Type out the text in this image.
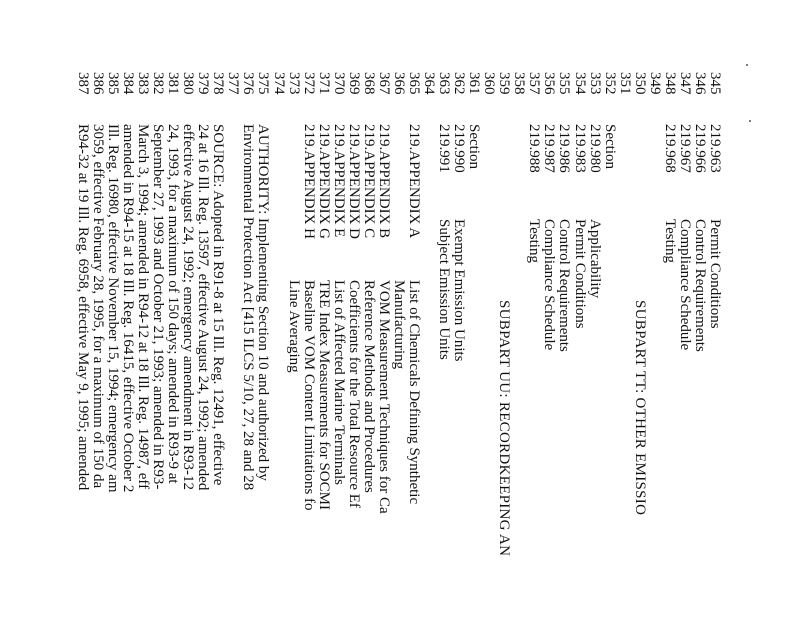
345
219.963
Permit Conditions
346
219.966
Control Requirements
347
219.967
Compliance Schedule
348
219.968
Testing
349
350
SUBPART TT: OTHER EMISSIO
351
352
Section
353
219.980
Applicability
354
219.983
Permit Conditions
355
219.986
Control Requirements
356
219.987
Compliance Schedule
357
219.988
Testing
358
359
SUBPART UU: RECORDKEEPING AN
360
361
Section
362
219.990
Exempt Emission Units
363
219.991
Subject Emission Units
364
365
219.APPENDIX A
List of Chemicals Defining Synthetic
366
Manufacturing
367
219.APPENDIX B
VOM Measurement Techniques for Ca
368
219.APPENDIX C
Reference Methods and Procedures
369
219.APPENDIX D
Coefficients for the Total Resource Ef
370
219.APPENDIX E
List of Affected Marine Terminals
371
219.APPENDIX G
TRE Index Measurements for SOCMI
372
219.APPENDIX H
Baseline VOM Content Limitations fo
373
Line Averaging
374
375
AUTHORITY: Implementing Section 10 and authorized by
376
Environmental Protection Act [415 ILCS 5/10, 27, 28 and 28
377
378
SOURCE: Adopted in R91-8 at 15 Ill. Reg. 12491, effective
379
24 at 16 Ill. Reg. 13597, effective August 24, 1992; amended
380
effective August 24, 1992; emergency amendment in R93-12
381
24, 1993, for a maximum of 150 days; amended in R93-9 at
382
September 27, 1993 and October 21, 1993; amended in R93-
383
March 3, 1994; amended in R94-12 at 18 Ill. Reg. 14987, eff
384
amended in R94-15 at 18 Ill. Reg. 16415, effective October 2
385
Ill. Reg. 16980, effective November 15, 1994; emergency am
386
3059, effective February 28, 1995, for a maximum of 150 da
387
R94-32 at 19 Ill. Reg. 6958, effective May 9, 1995; amended
